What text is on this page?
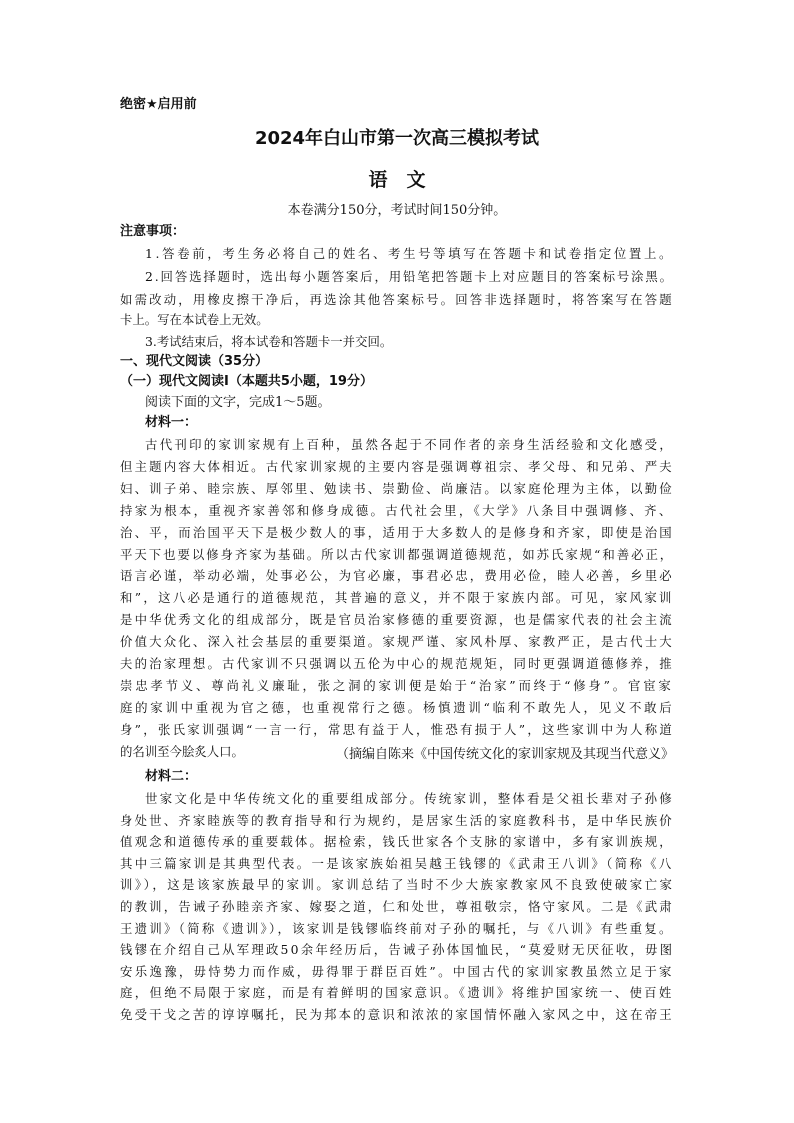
绝密★启用前
2024年白山市第一次高三模拟考试
语　文
本卷满分150分，考试时间150分钟。
注意事项：
1.答卷前，考生务必将自己的姓名、考生号等填写在答题卡和试卷指定位置上。
2.回答选择题时，选出每小题答案后，用铅笔把答题卡上对应题目的答案标号涂黑。
如需改动，用橡皮擦干净后，再选涂其他答案标号。回答非选择题时，将答案写在答题
卡上。写在本试卷上无效。
3.考试结束后，将本试卷和答题卡一并交回。
一、现代文阅读（35分）
（一）现代文阅读Ⅰ（本题共5小题，19分）
阅读下面的文字，完成1～5题。
材料一：
古代刊印的家训家规有上百种，虽然各起于不同作者的亲身生活经验和文化感受，
但主题内容大体相近。古代家训家规的主要内容是强调尊祖宗、孝父母、和兄弟、严夫
妇、训子弟、睦宗族、厚邻里、勉读书、崇勤俭、尚廉洁。以家庭伦理为主体，以勤俭
持家为根本，重视齐家善邻和修身成德。古代社会里，《大学》八条目中强调修、齐、
治、平，而治国平天下是极少数人的事，适用于大多数人的是修身和齐家，即使是治国
平天下也要以修身齐家为基础。所以古代家训都强调道德规范，如苏氏家规“和善必正，
语言必谨，举动必端，处事必公，为官必廉，事君必忠，费用必俭，睦人必善，乡里必
和”，这八必是通行的道德规范，其普遍的意义，并不限于家族内部。可见，家风家训
是中华优秀文化的组成部分，既是官员治家修德的重要资源，也是儒家代表的社会主流
价值大众化、深入社会基层的重要渠道。家规严谨、家风朴厚、家教严正，是古代士大
夫的治家理想。古代家训不只强调以五伦为中心的规范规矩，同时更强调道德修养，推
崇忠孝节义、尊尚礼义廉耻，张之洞的家训便是始于“治家”而终于“修身”。官宦家
庭的家训中重视为官之德，也重视常行之德。杨慎遗训“临利不敢先人，见义不敢后
身”，张氏家训强调“一言一行，常思有益于人，惟恐有损于人”，这些家训中为人称道
的名训至今脍炙人口。	（摘编自陈来《中国传统文化的家训家规及其现当代意义》
材料二：
世家文化是中华传统文化的重要组成部分。传统家训，整体看是父祖长辈对子孙修
身处世、齐家睦族等的教育指导和行为规约，是居家生活的家庭教科书，是中华民族价
值观念和道德传承的重要载体。据检索，钱氏世家各个支脉的家谱中，多有家训族规，
其中三篇家训是其典型代表。一是该家族始祖吴越王钱镠的《武肃王八训》（简称《八
训》），这是该家族最早的家训。家训总结了当时不少大族家教家风不良致使破家亡家
的教训，告诫子孙睦亲齐家、嫁娶之道，仁和处世，尊祖敬宗，恪守家风。二是《武肃
王遗训》（简称《遗训》），该家训是钱镠临终前对子孙的嘱托，与《八训》有些重复。
钱镠在介绍自己从军理政50余年经历后，告诫子孙体国恤民，“莫爱财无厌征收，毋图
安乐逸豫，毋恃势力而作威，毋得罪于群臣百姓”。中国古代的家训家教虽然立足于家
庭，但绝不局限于家庭，而是有着鲜明的国家意识。《遗训》将维护国家统一、使百姓
免受干戈之苦的谆谆嘱托，民为邦本的意识和浓浓的家国情怀融入家风之中，这在帝王
